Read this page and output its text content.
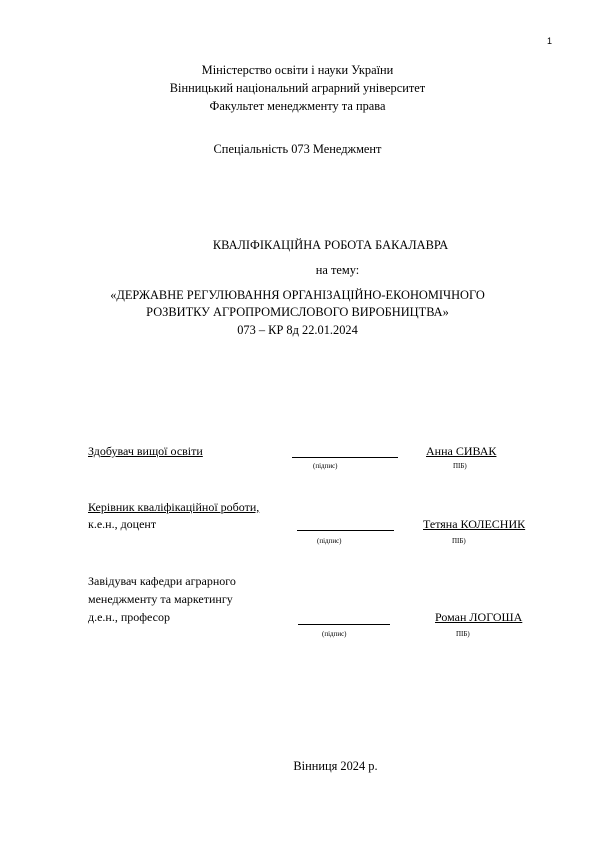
1
Міністерство освіти і науки України
Вінницький національний аграрний університет
Факультет менеджменту та права
Спеціальність 073 Менеджмент
КВАЛІФІКАЦІЙНА РОБОТА БАКАЛАВРА
на тему:
«ДЕРЖАВНЕ РЕГУЛЮВАННЯ ОРГАНІЗАЦІЙНО-ЕКОНОМІЧНОГО
РОЗВИТКУ АГРОПРОМИСЛОВОГО ВИРОБНИЦТВА»
073 – КР 8д 22.01.2024
Здобувач вищої освіти	Анна СИВАК
(підпис)	ПІБ)
Керівник кваліфікаційної роботи,
к.е.н., доцент	Тетяна КОЛЕСНИК
(підпис)	ПІБ)
Завідувач кафедри аграрного
менеджменту та маркетингу
д.е.н., професор	Роман ЛОГОША
(підпис)	ПІБ)
Вінниця 2024 р.
